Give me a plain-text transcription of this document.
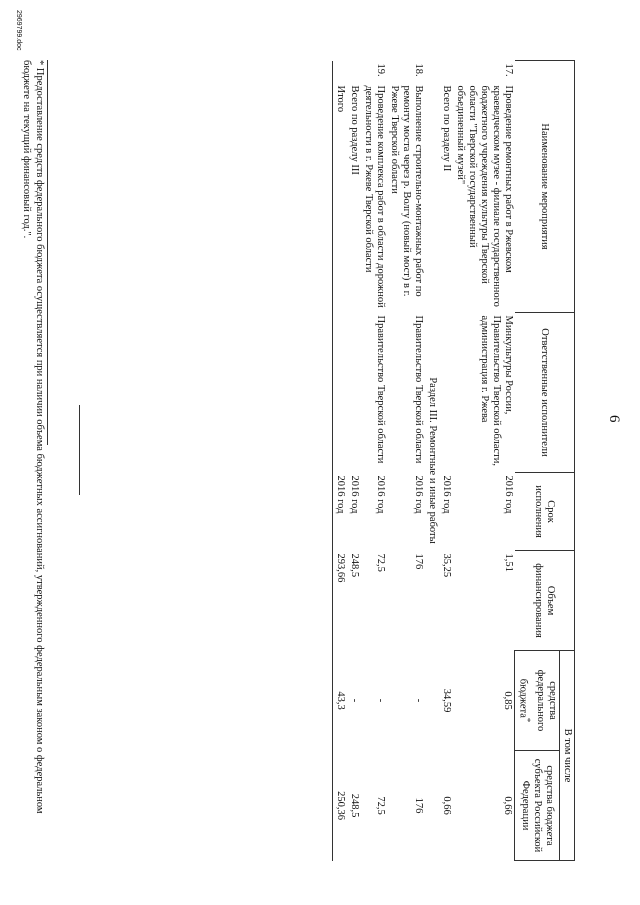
6
Наименование мероприятия		Ответственные исполнители	Срок исполнения	Объем финансирования	В том числе	
					средства федерального бюджета*	средства бюджета субъекта Российской Федерации
17.	Проведение ремонтных работ в Ржевском краеведческом музее - филиале государственного бюджетного учреждения культуры Тверской области "Тверской государственный объединенный музей"	Минкультуры России, Правительство Тверской области, администрация г. Ржева	2016 год	1,51	0,85	0,66
	Всего по разделу II		2016 год	35,25	34,59	0,66
Раздел III. Ремонтные и иные работы						
18.	Выполнение строительно-монтажных работ по ремонту моста через р. Волгу (новый мост) в г. Ржеве Тверской области	Правительство Тверской области	2016 год	176	-	176
19.	Проведение комплекса работ в области дорожной деятельности в г. Ржеве Тверской области	Правительство Тверской области	2016 год	72,5	-	72,5
	Всего по разделу III		2016 год	248,5	-	248,5
	Итого		2016 год	293,66	43,3	250,36
* Предоставление средств федерального бюджета осуществляется при наличии объема бюджетных ассигнований, утвержденного федеральным законом о федеральном бюджете на текущий финансовый год.".
2969799.doc
